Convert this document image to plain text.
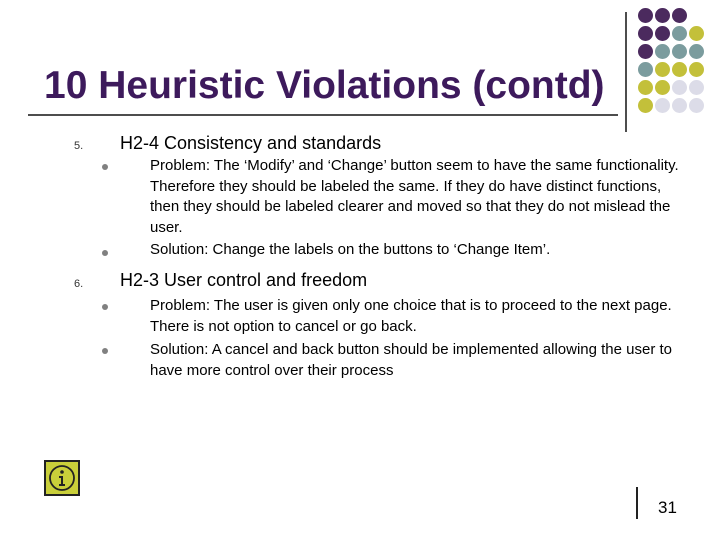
10 Heuristic Violations (contd)
5. H2-4 Consistency and standards

Problem: The ‘Modify’ and ‘Change’ button seem to have the same functionality. Therefore they should be labeled the same. If they do have distinct functions, then they should be labeled clearer and moved so that they do not mislead the user.

Solution: Change the labels on the buttons to ‘Change Item’.

6. H2-3 User control and freedom

Problem: The user is given only one choice that is to proceed to the next page. There is not option to cancel or go back.

Solution: A cancel and back button should be implemented allowing the user to have more control over their process

31
